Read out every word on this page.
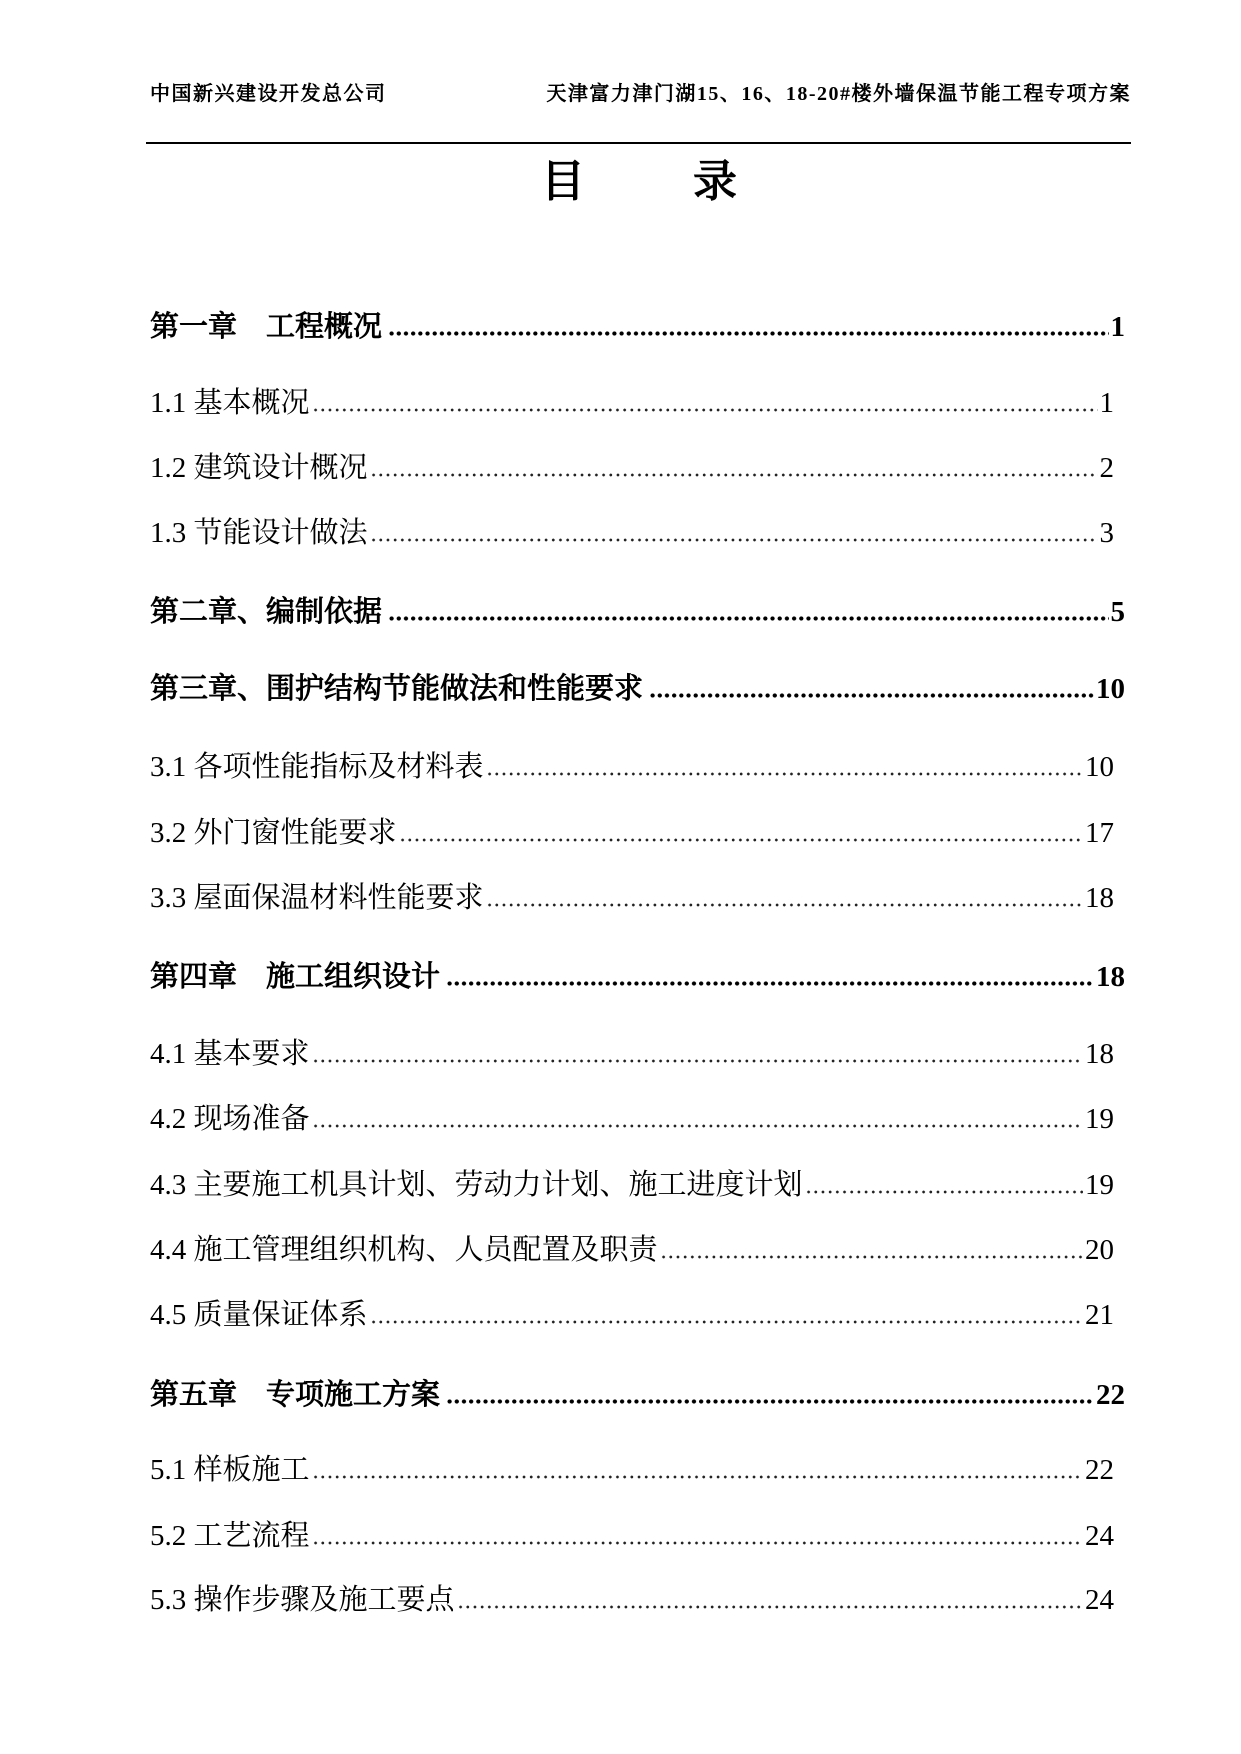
中国新兴建设开发总公司	天津富力津门湖15、16、18-20#楼外墙保温节能工程专项方案
目 录
第一章　工程概况	1
1.1 基本概况	1
1.2 建筑设计概况	2
1.3 节能设计做法	3
第二章、编制依据	5
第三章、围护结构节能做法和性能要求	10
3.1 各项性能指标及材料表	10
3.2 外门窗性能要求	17
3.3 屋面保温材料性能要求	18
第四章　施工组织设计	18
4.1 基本要求	18
4.2 现场准备	19
4.3 主要施工机具计划、劳动力计划、施工进度计划	19
4.4 施工管理组织机构、人员配置及职责	20
4.5 质量保证体系	21
第五章　专项施工方案	22
5.1 样板施工	22
5.2 工艺流程	24
5.3 操作步骤及施工要点	24
